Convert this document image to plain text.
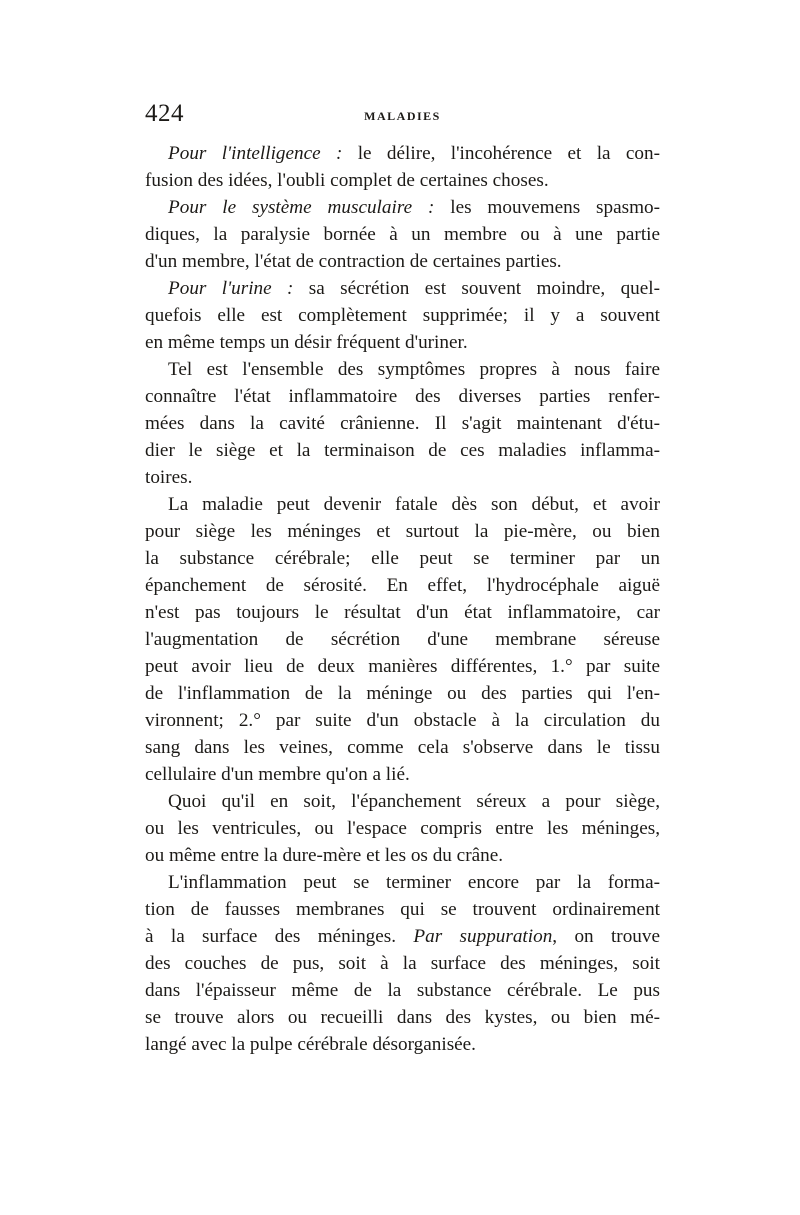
424	MALADIES
Pour l'intelligence : le délire, l'incohérence et la con-
fusion des idées, l'oubli complet de certaines choses.
Pour le système musculaire : les mouvemens spasmo-
diques, la paralysie bornée à un membre ou à une partie
d'un membre, l'état de contraction de certaines parties.
Pour l'urine : sa sécrétion est souvent moindre, quel-
quefois elle est complètement supprimée; il y a souvent
en même temps un désir fréquent d'uriner.
Tel est l'ensemble des symptômes propres à nous faire
connaître l'état inflammatoire des diverses parties renfer-
mées dans la cavité crânienne. Il s'agit maintenant d'étu-
dier le siège et la terminaison de ces maladies inflamma-
toires.
La maladie peut devenir fatale dès son début, et avoir
pour siège les méninges et surtout la pie-mère, ou bien
la substance cérébrale; elle peut se terminer par un
épanchement de sérosité. En effet, l'hydrocéphale aiguë
n'est pas toujours le résultat d'un état inflammatoire, car
l'augmentation de sécrétion d'une membrane séreuse
peut avoir lieu de deux manières différentes, 1.° par suite
de l'inflammation de la méninge ou des parties qui l'en-
vironnent; 2.° par suite d'un obstacle à la circulation du
sang dans les veines, comme cela s'observe dans le tissu
cellulaire d'un membre qu'on a lié.
Quoi qu'il en soit, l'épanchement séreux a pour siège,
ou les ventricules, ou l'espace compris entre les méninges,
ou même entre la dure-mère et les os du crâne.
L'inflammation peut se terminer encore par la forma-
tion de fausses membranes qui se trouvent ordinairement
à la surface des méninges. Par suppuration, on trouve
des couches de pus, soit à la surface des méninges, soit
dans l'épaisseur même de la substance cérébrale. Le pus
se trouve alors ou recueilli dans des kystes, ou bien mé-
langé avec la pulpe cérébrale désorganisée.
